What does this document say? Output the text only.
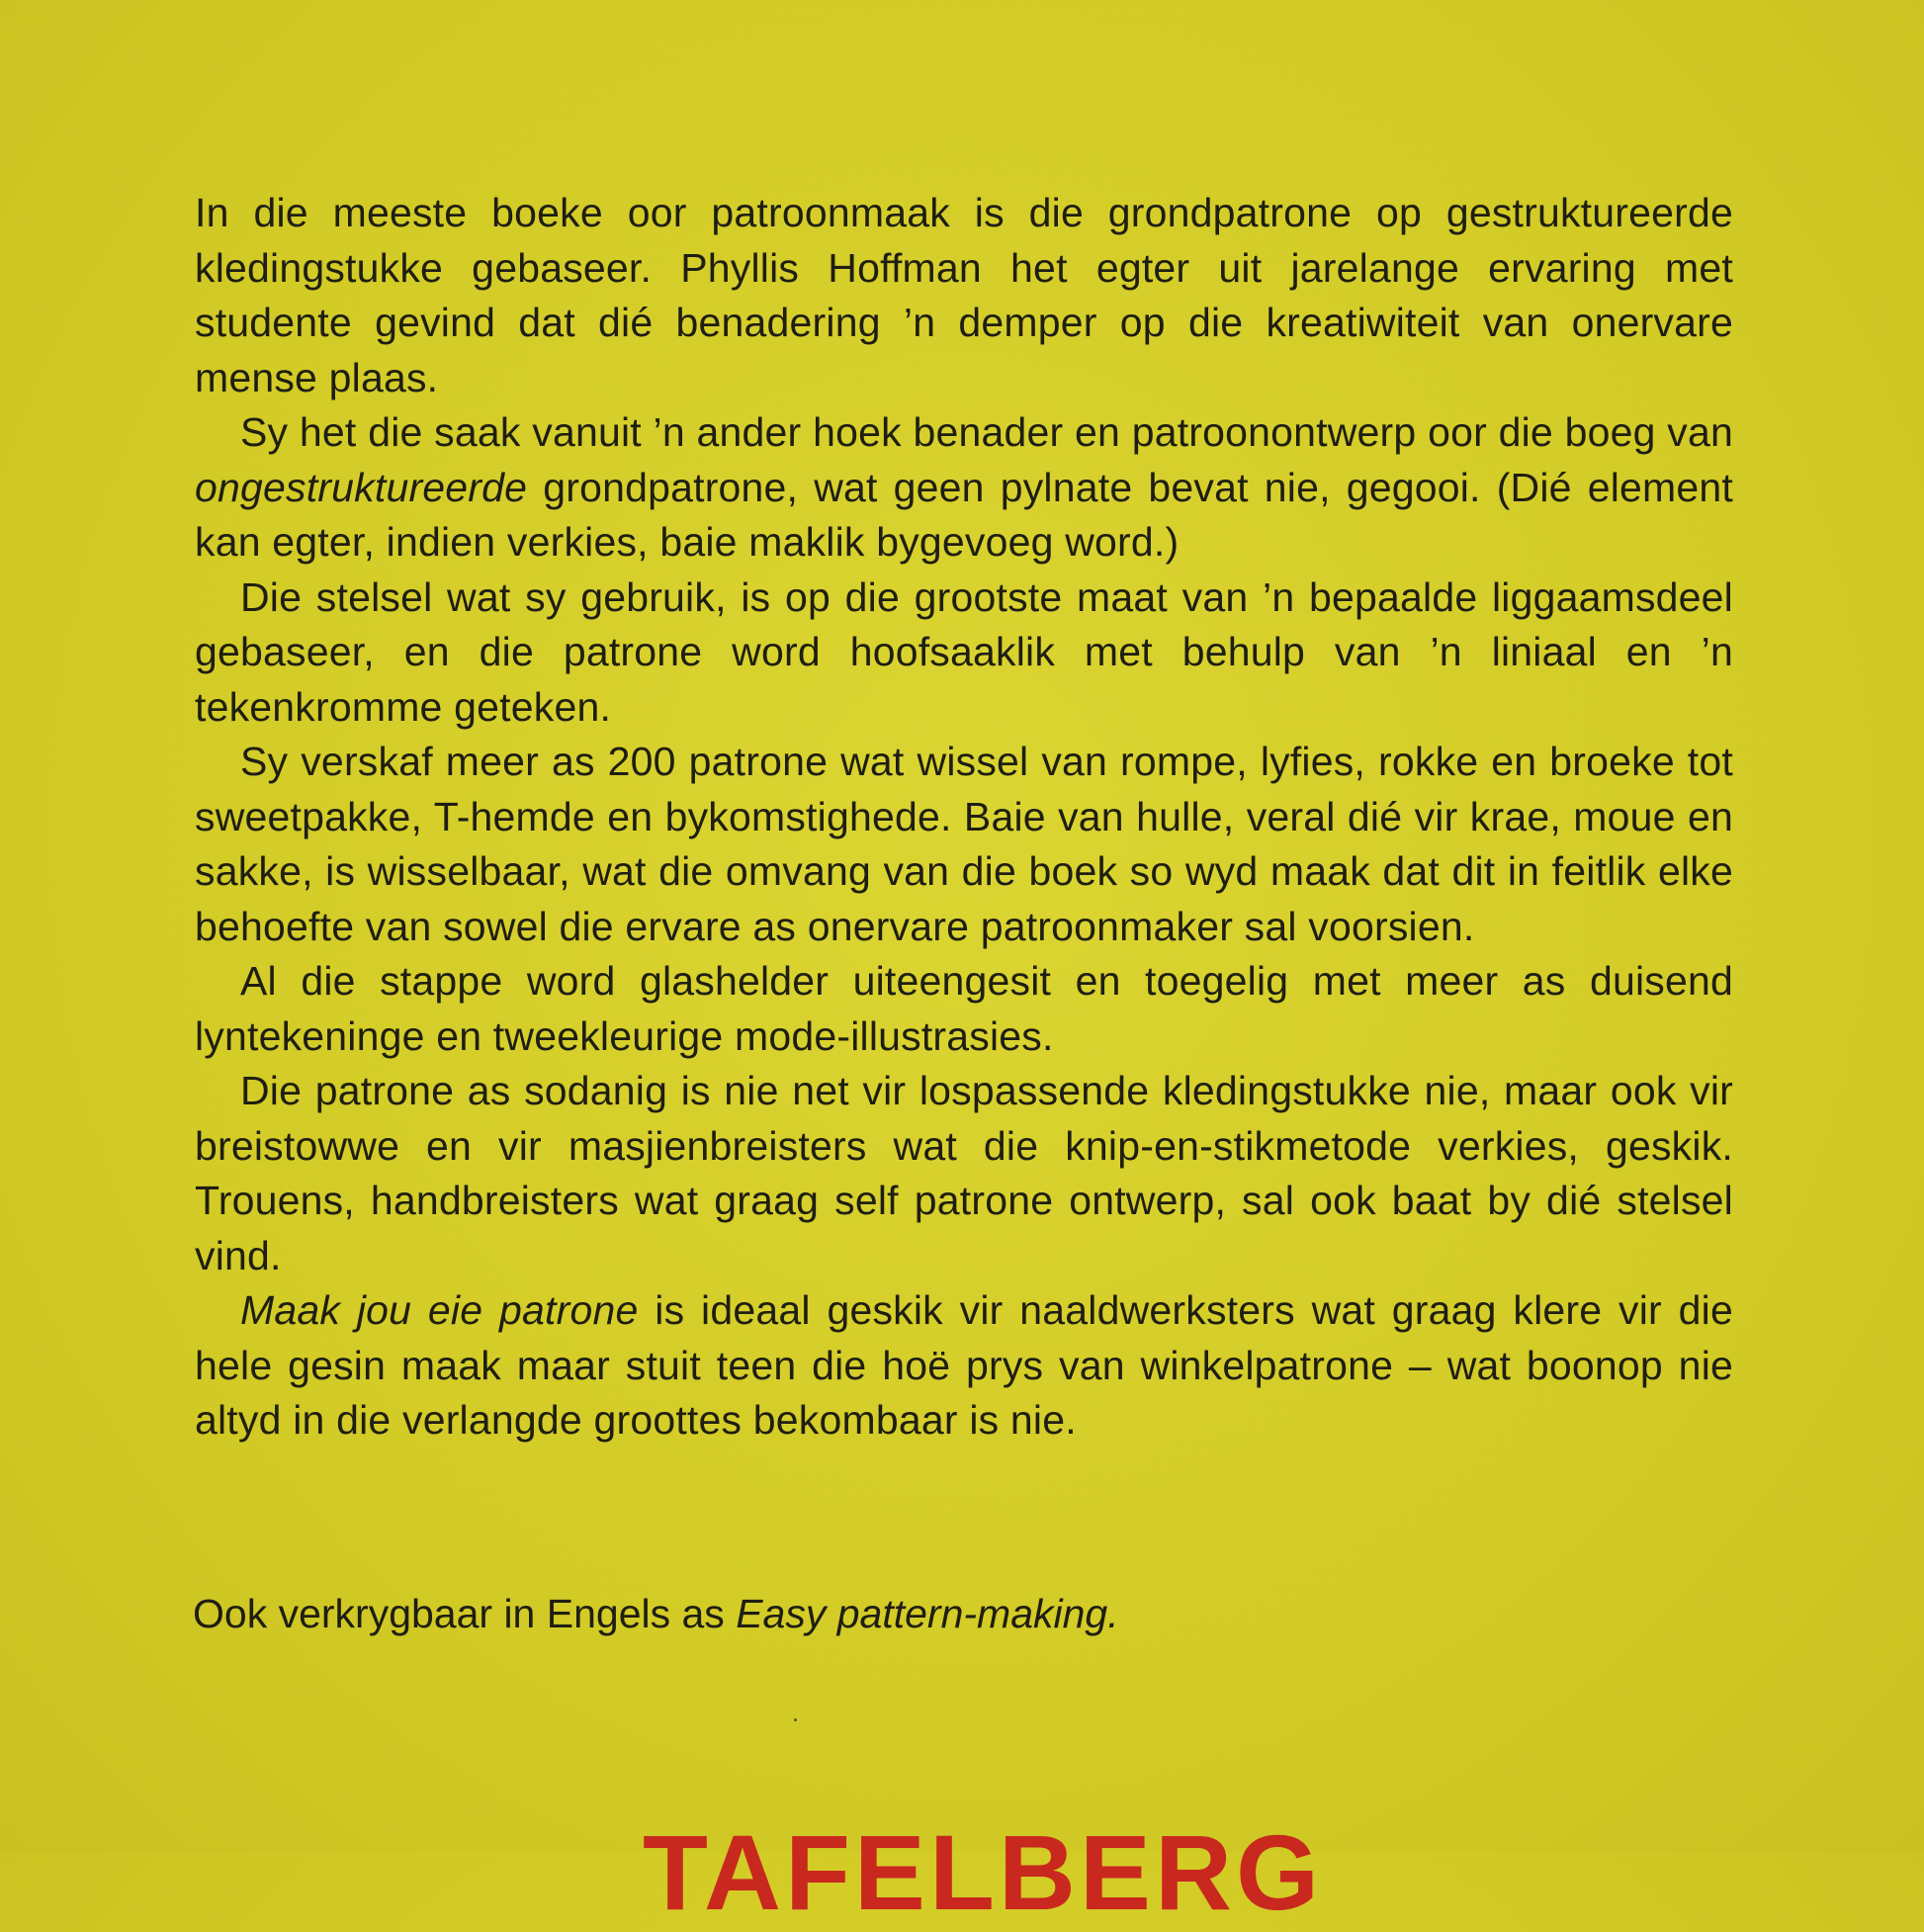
In die meeste boeke oor patroonmaak is die grondpatrone op gestruktureerde kledingstukke gebaseer. Phyllis Hoffman het egter uit jarelange ervaring met studente gevind dat dié benadering ’n demper op die kreatiwiteit van onervare mense plaas.

Sy het die saak vanuit ’n ander hoek benader en patroonontwerp oor die boeg van ongestruktureerde grondpatrone, wat geen pylnate bevat nie, gegooi. (Dié element kan egter, indien verkies, baie maklik bygevoeg word.)

Die stelsel wat sy gebruik, is op die grootste maat van ’n bepaalde liggaamsdeel gebaseer, en die patrone word hoofsaaklik met behulp van ’n liniaal en ’n tekenkromme geteken.

Sy verskaf meer as 200 patrone wat wissel van rompe, lyfies, rokke en broeke tot sweetpakke, T-hemde en bykomstighede. Baie van hulle, veral dié vir krae, moue en sakke, is wisselbaar, wat die omvang van die boek so wyd maak dat dit in feitlik elke behoefte van sowel die ervare as onervare patroonmaker sal voorsien.

Al die stappe word glashelder uiteengesit en toegelig met meer as duisend lyntekeninge en tweekleurige mode-illustrasies.

Die patrone as sodanig is nie net vir lospassende kledingstukke nie, maar ook vir breistowwe en vir masjienbreisters wat die knip-en-stikmetode verkies, geskik. Trouens, handbreisters wat graag self patrone ontwerp, sal ook baat by dié stelsel vind.

Maak jou eie patrone is ideaal geskik vir naaldwerksters wat graag klere vir die hele gesin maak maar stuit teen die hoë prys van winkelpatrone – wat boonop nie altyd in die verlangde groottes bekombaar is nie.

Ook verkrygbaar in Engels as Easy pattern-making.

TAFELBERG
